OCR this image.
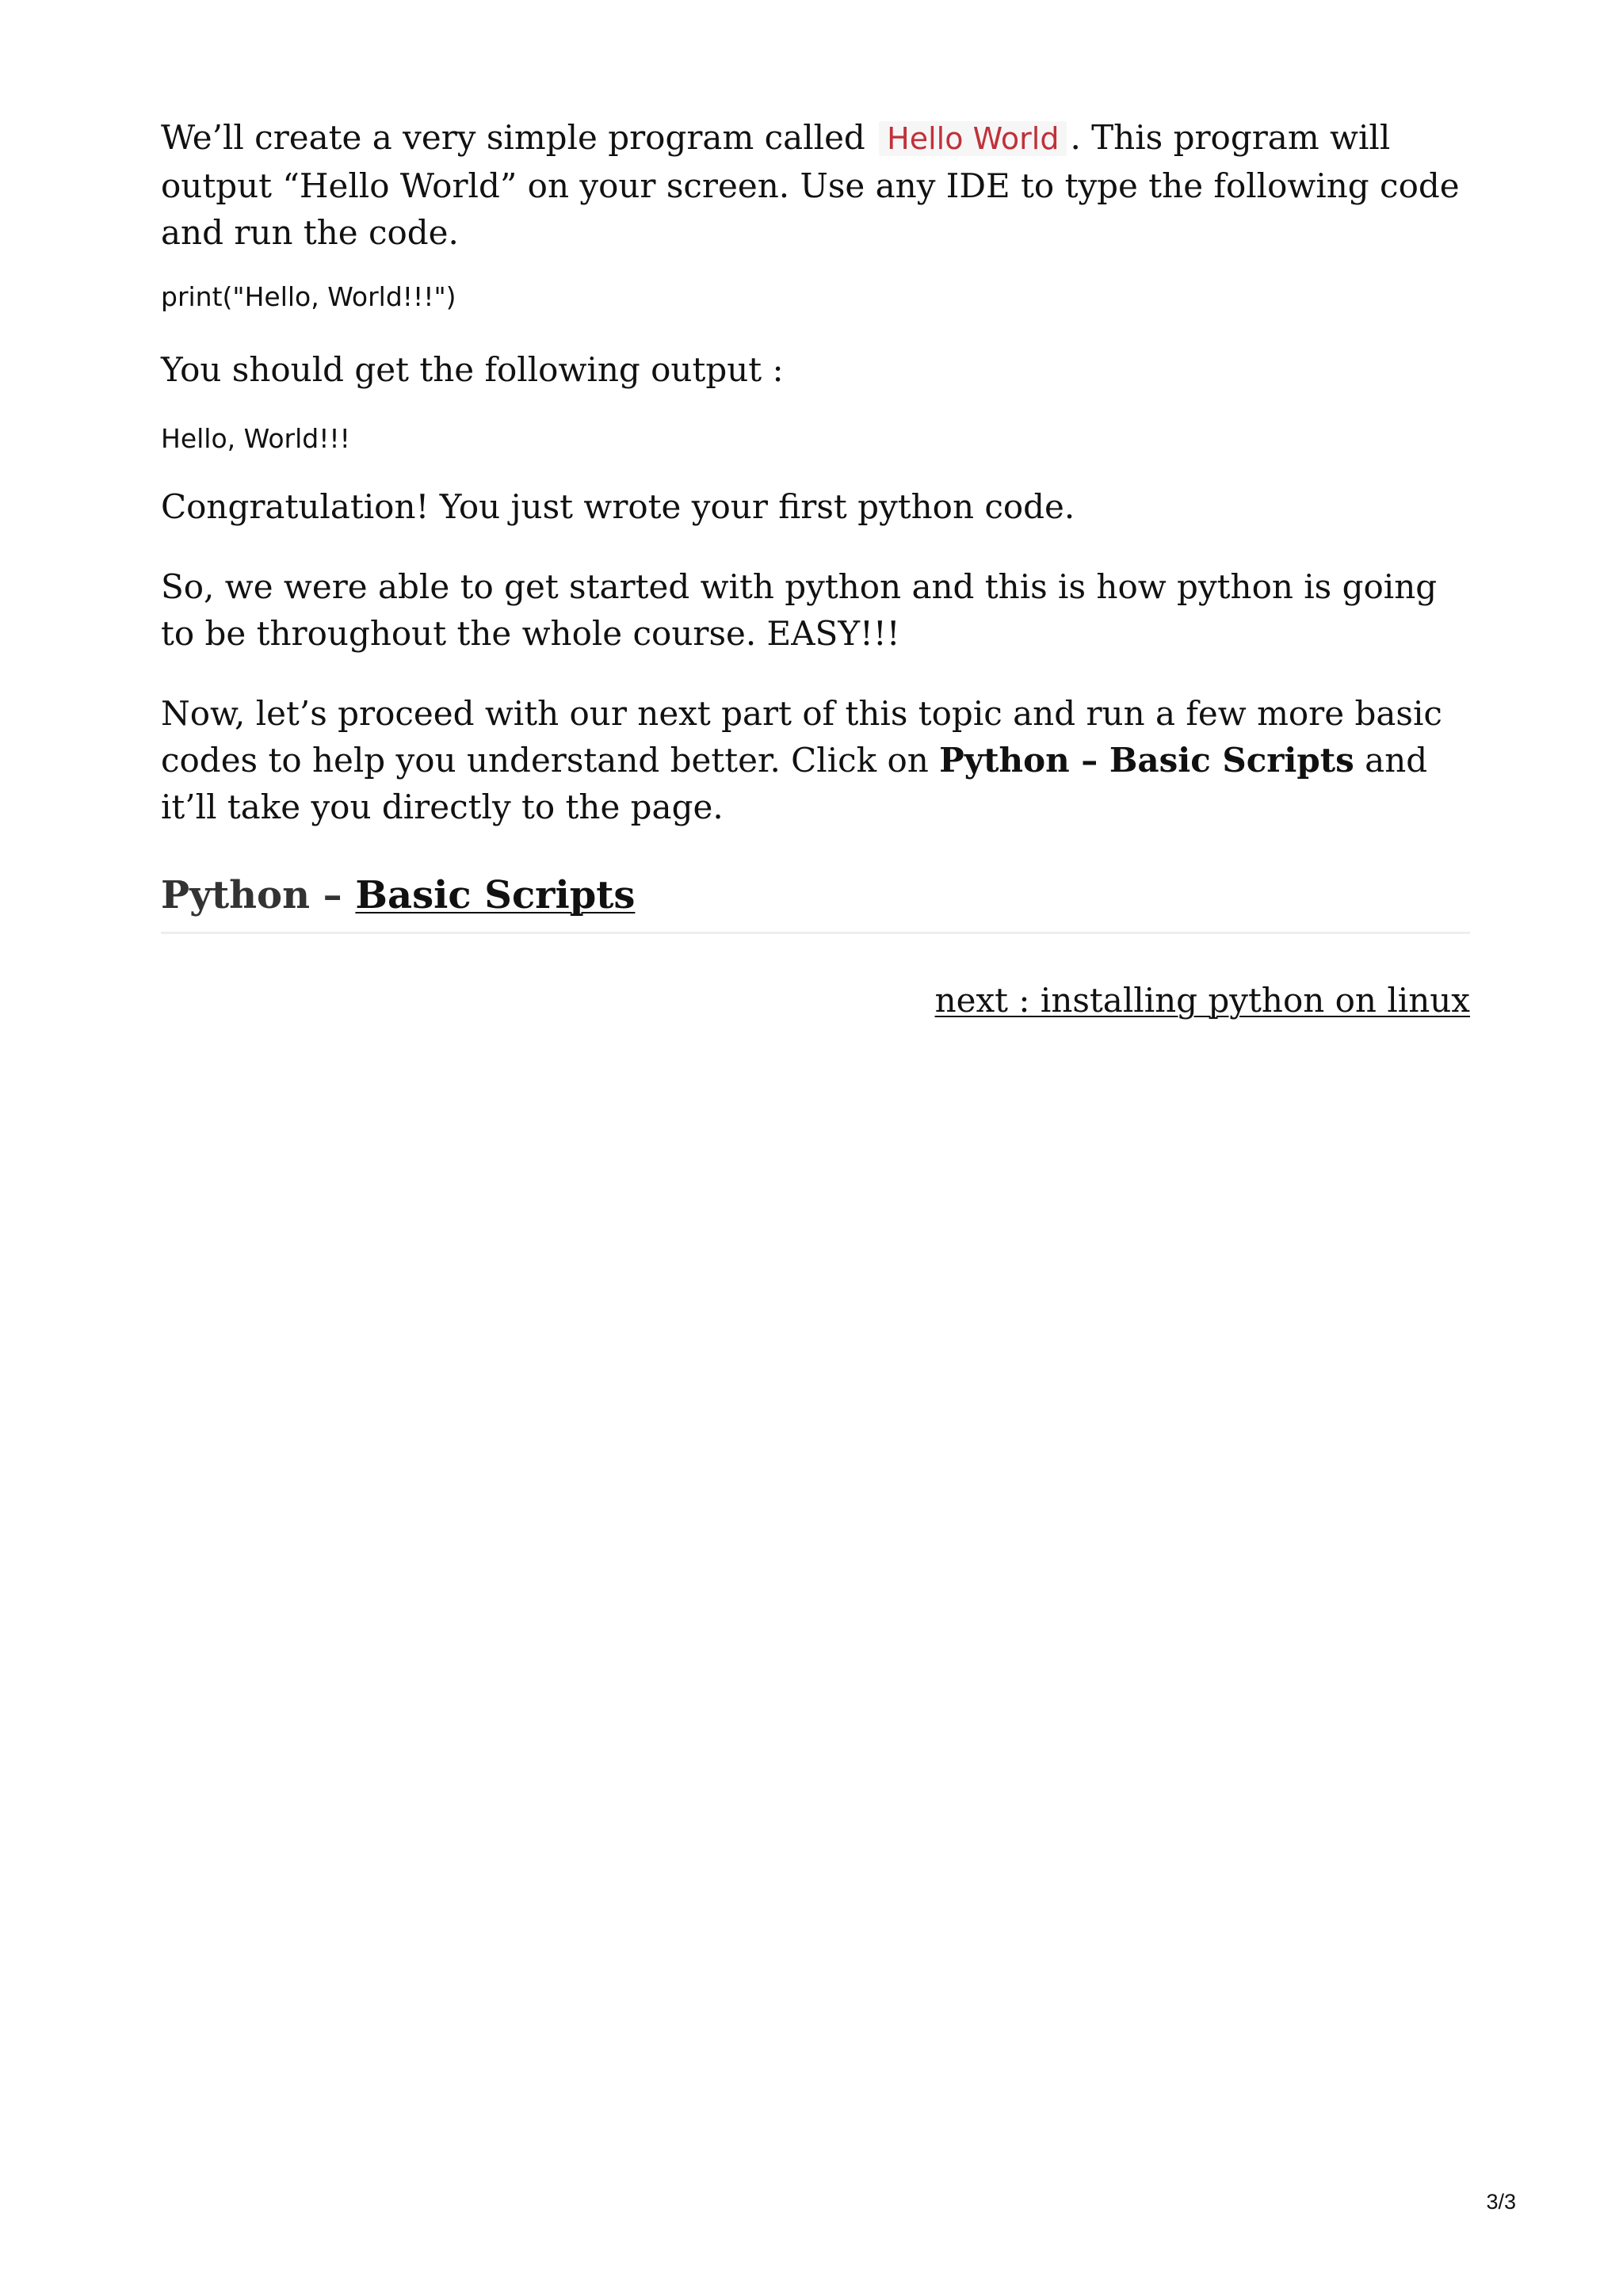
We’ll create a very simple program called Hello World . This program will output “Hello World” on your screen. Use any IDE to type the following code and run the code.

print("Hello, World!!!")

You should get the following output :

Hello, World!!!

Congratulation! You just wrote your first python code.

So, we were able to get started with python and this is how python is going to be throughout the whole course. EASY!!!

Now, let’s proceed with our next part of this topic and run a few more basic codes to help you understand better. Click on Python – Basic Scripts and it’ll take you directly to the page.

Python – Basic Scripts
next : installing python on linux
3/3
